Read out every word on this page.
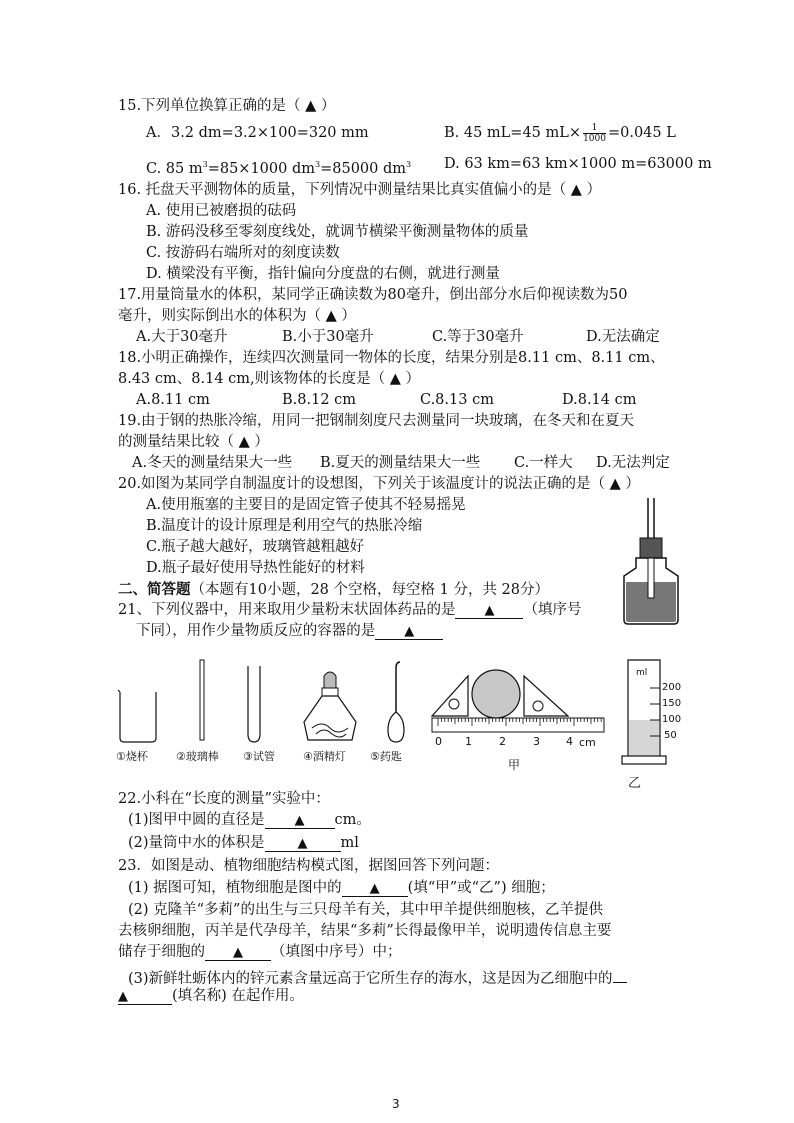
15.下列单位换算正确的是（ ▲ ）
A．3.2 dm=3.2×100=320 mm	B. 45 mL=45 $mL\times \frac{1}{1000} =0.045$ L
C. 85 $m^3=85\times 1000$ $dm^3=85000$ $dm^3$ D. 63 km=63 km×1000 m=63000 m
16. 托盘天平测物体的质量，下列情况中测量结果比真实值偏小的是（ ▲ ）
A. 使用已被磨损的砝码
B. 游码没移至零刻度线处，就调节横梁平衡测量物体的质量
C. 按游码右端所对的刻度读数
D. 横梁没有平衡，指针偏向分度盘的右侧，就进行测量
17.用量筒量水的体积，某同学正确读数为80毫升，倒出部分水后仰视读数为50
毫升，则实际倒出水的体积为（ ▲ ）
A.大于30毫升	B.小于30毫升	C.等于30毫升	D.无法确定
18.小明正确操作，连续四次测量同一物体的长度，结果分别是8.11 cm、8.11 cm、
8.43 cm、8.14 cm,则该物体的长度是（ ▲ ）
A.8.11 cm	B.8.12 cm	C.8.13 cm	D.8.14 cm
19.由于钢的热胀冷缩，用同一把钢制刻度尺去测量同一块玻璃，在冬天和在夏天
的测量结果比较（ ▲ ）
A.冬天的测量结果大一些 B.夏天的测量结果大一些 C.一样大 D.无法判定
20.如图为某同学自制温度计的设想图，下列关于该温度计的说法正确的是（ ▲ ）
A.使用瓶塞的主要目的是固定管子使其不轻易摇晃
B.温度计的设计原理是利用空气的热胀冷缩
C.瓶子越大越好，玻璃管越粗越好
D.瓶子最好使用导热性能好的材料
二、简答题（本题有10小题，28 个空格，每空格 1 分，共 28分）
21、下列仪器中，用来取用少量粉末状固体药品的是 ▲ （填序号
下同），用作少量物质反应的容器的是 ▲
①烧杯	②玻璃棒 ③试管	④酒精灯 ⑤药匙
0 1 2 3 4 cm
甲
ml
200
150
100
50
乙
22.小科在“长度的测量”实验中：
(1)图甲中圆的直径是 ▲ cm。
(2)量筒中水的体积是	▲ ml
23．如图是动、植物细胞结构模式图，据图回答下列问题：
(1) 据图可知，植物细胞是图中的 ▲ (填“甲”或“乙”) 细胞；
(2) 克隆羊“多莉”的出生与三只母羊有关，其中甲羊提供细胞核，乙羊提供
去核卵细胞，丙羊是代孕母羊，结果“多莉”长得最像甲羊，说明遗传信息主要
储存于细胞的 ▲ （填图中序号）中；
(3)新鲜牡蛎体内的锌元素含量远高于它所生存的海水，这是因为乙细胞中的
▲	(填名称) 在起作用。
3
